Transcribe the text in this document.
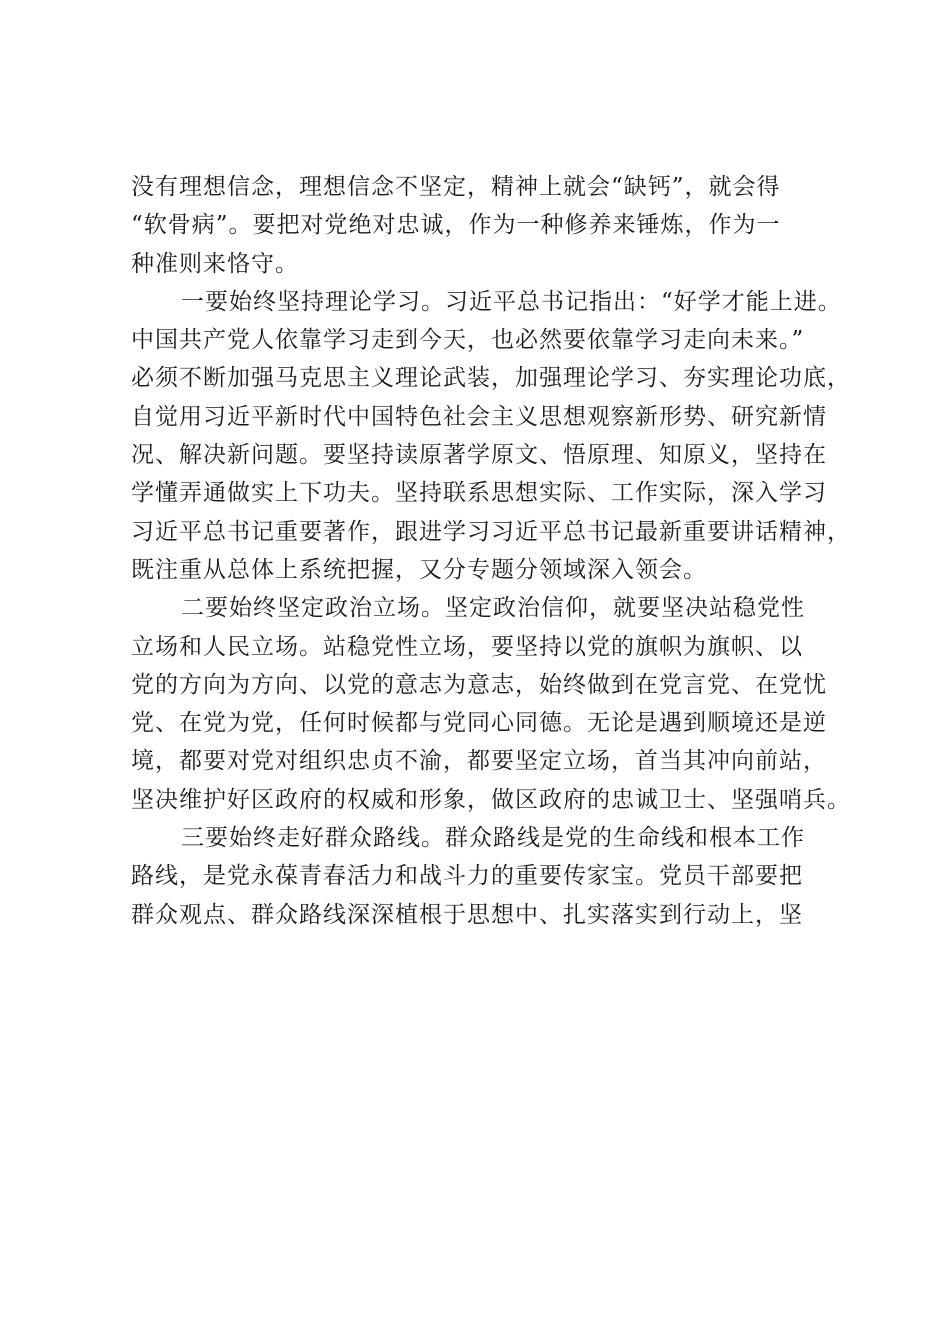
没有理想信念，理想信念不坚定，精神上就会“缺钙”，就会得
“软骨病”。要把对党绝对忠诚，作为一种修养来锤炼，作为一
种准则来恪守。
一要始终坚持理论学习。习近平总书记指出：“好学才能上进。
中国共产党人依靠学习走到今天，也必然要依靠学习走向未来。”
必须不断加强马克思主义理论武装，加强理论学习、夯实理论功底，
自觉用习近平新时代中国特色社会主义思想观察新形势、研究新情
况、解决新问题。要坚持读原著学原文、悟原理、知原义，坚持在
学懂弄通做实上下功夫。坚持联系思想实际、工作实际，深入学习
习近平总书记重要著作，跟进学习习近平总书记最新重要讲话精神，
既注重从总体上系统把握，又分专题分领域深入领会。
二要始终坚定政治立场。坚定政治信仰，就要坚决站稳党性
立场和人民立场。站稳党性立场，要坚持以党的旗帜为旗帜、以
党的方向为方向、以党的意志为意志，始终做到在党言党、在党忧
党、在党为党，任何时候都与党同心同德。无论是遇到顺境还是逆
境，都要对党对组织忠贞不渝，都要坚定立场，首当其冲向前站，
坚决维护好区政府的权威和形象，做区政府的忠诚卫士、坚强哨兵。
三要始终走好群众路线。群众路线是党的生命线和根本工作
路线，是党永葆青春活力和战斗力的重要传家宝。党员干部要把
群众观点、群众路线深深植根于思想中、扎实落实到行动上，坚
